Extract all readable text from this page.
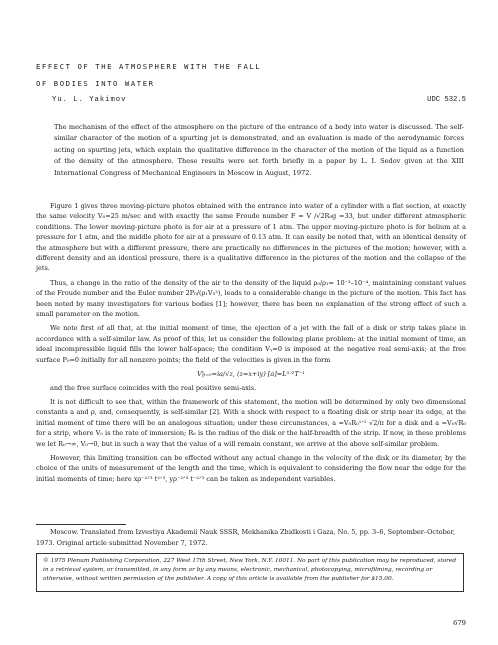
EFFECT OF THE ATMOSPHERE WITH THE FALL
OF BODIES INTO WATER
Yu. L. Yakimov	UDC 532.5
The mechanism of the effect of the atmosphere on the picture of the entrance of a body into water is discussed. The self-similar character of the motion of a spurting jet is demonstrated, and an evaluation is made of the aerodynamic forces acting on spurting jets, which explain the qualitative difference in the character of the motion of the liquid as a function of the density of the atmosphere. These results were set forth briefly in a paper by L. I. Sedov given at the XIII International Congress of Mechanical Engineers in Moscow in August, 1972.

Figure 1 gives three moving-picture photos obtained with the entrance into water of a cylinder with a flat section, at exactly the same velocity V₀=25 m/sec and with exactly the same Froude number F = V ∕√2R₀g =33, but under different atmospheric conditions. The lower moving-picture photo is for air at a pressure of 1 atm. The upper moving-picture photo is for helium at a pressure for 1 atm, and the middle photo for air at a pressure of 0.13 atm. It can easily be noted that, with an identical density of the atmosphere but with a different pressure, there are practically no differences in the pictures of the motion; however, with a different density and an identical pressure, there is a qualitative difference in the pictures of the motion and the collapse of the jets.

Thus, a change in the ratio of the density of the air to the density of the liquid ρ₀/ρ₁= 10⁻³–10⁻⁴, maintaining constant values of the Froude number and the Euler number 2P₀/(ρ₁V₀²), leads to a considerable change in the picture of the motion. This fact has been noted by many investigators for various bodies [1]; however, there has been no explanation of the strong effect of such a small parameter on the motion.

We note first of all that, at the initial moment of time, the ejection of a jet with the fall of a disk or strip takes place in accordance with a self-similar law. As proof of this, let us consider the following plane problem: at the initial moment of time, an ideal incompressible liquid fills the lower half-space; the condition Vᵧ=0 is imposed at the negative real semi-axis; at the free surface P₀=0 initially for all nonzero points; the field of the velocities is given in the form

V|ₜ₌₀=ia/√z, (z=x+iy) [a]=L³ᐟ²T⁻¹

and the free surface coincides with the real positive semi-axis.

It is not difficult to see that, within the framework of this statement, the motion will be determined by only two dimensional constants a and ρ, and, consequently, is self-similar [2]. With a shock with respect to a floating disk or strip near its edge, at the initial moment of time there will be an analogous situation; under these circumstances, a =V₀R₀¹ᐟ² √2/π for a disk and a =V₀√R₀ for a strip, where V₀ is the rate of immersion; R₀ is the radius of the disk or the half-breadth of the strip. If now, in these problems we let R₀→∞, V₀→0, but in such a way that the value of a will remain constant, we arrive at the above self-similar problem.

However, this limiting transition can be effected without any actual change in the velocity of the disk or its diameter, by the choice of the units of measurement of the length and the time, which is equivalent to considering the flow near the edge for the initial moments of time; here xρ⁻²ᐟ³ t²ᐟ³, yρ⁻²ᐟ³ t⁻²ᐟ³ can be taken as independent variables.

Moscow. Translated from Izvestiya Akademii Nauk SSSR, Mekhanika Zhidkosti i Gaza, No. 5, pp. 3–6, September–October, 1973. Original article submitted November 7, 1972.
© 1975 Plenum Publishing Corporation, 227 West 17th Street, New York, N.Y. 10011. No part of this publication may be reproduced, stored in a retrieval system, or transmitted, in any form or by any means, electronic, mechanical, photocopying, microfilming, recording or otherwise, without written permission of the publisher. A copy of this article is available from the publisher for $15.00.
679
